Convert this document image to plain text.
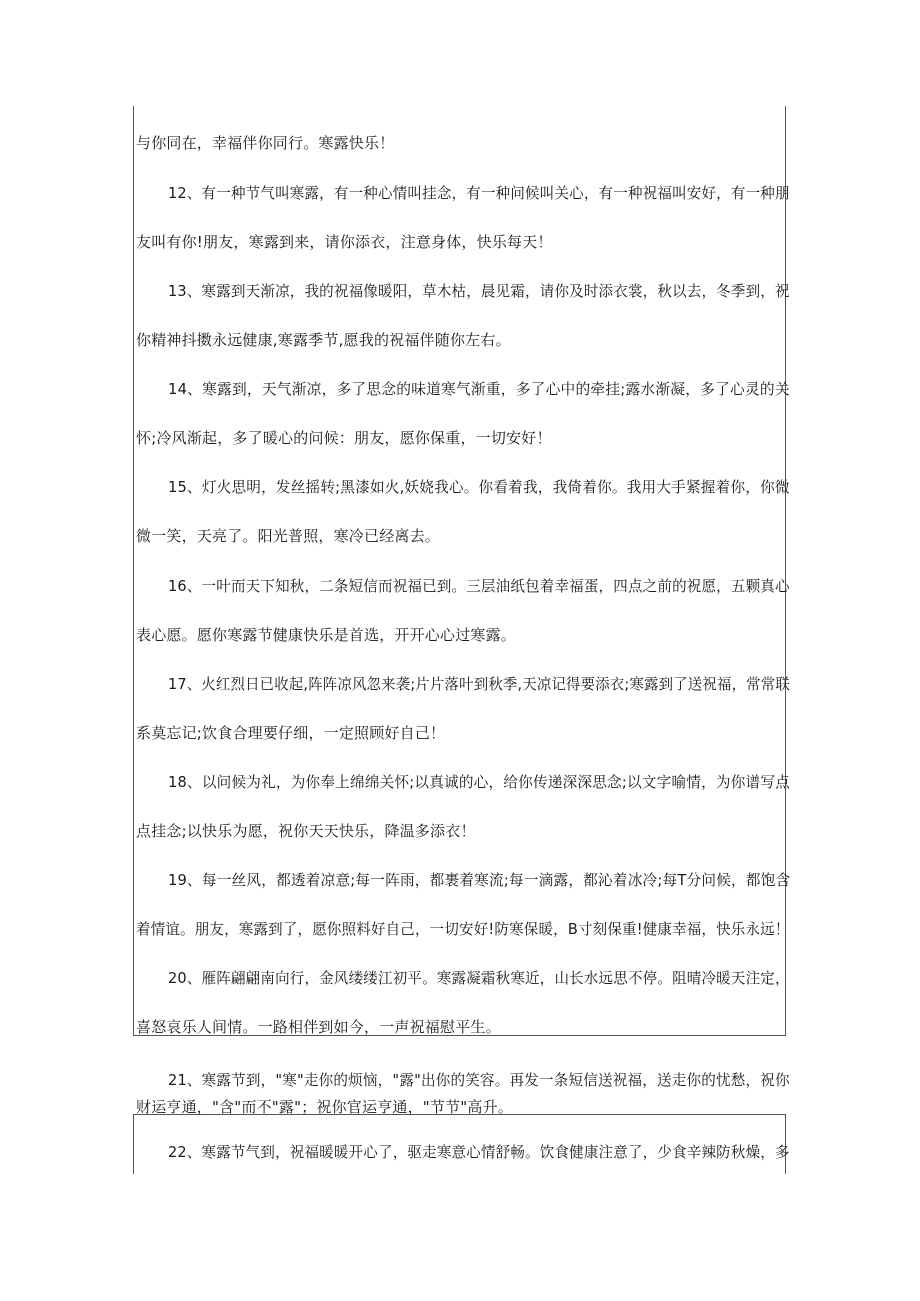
与你同在，幸福伴你同行。寒露快乐！
12、有一种节气叫寒露，有一种心情叫挂念，有一种问候叫关心，有一种祝福叫安好，有一种朋
友叫有你!朋友，寒露到来，请你添衣，注意身体，快乐每天！
13、寒露到天渐凉，我的祝福像暖阳，草木枯，晨见霜，请你及时添衣裳，秋以去，冬季到，祝
你精神抖擞永远健康,寒露季节,愿我的祝福伴随你左右。
14、寒露到，天气渐凉，多了思念的味道寒气渐重，多了心中的牵挂;露水渐凝，多了心灵的关
怀;冷风渐起，多了暖心的问候：朋友，愿你保重，一切安好！
15、灯火思明，发丝摇转;黑漆如火,妖娆我心。你看着我，我倚着你。我用大手紧握着你，你微
微一笑，天亮了。阳光普照，寒冷已经离去。
16、一叶而天下知秋，二条短信而祝福已到。三层油纸包着幸福蛋，四点之前的祝愿，五颗真心
表心愿。愿你寒露节健康快乐是首选，开开心心过寒露。
17、火红烈日已收起,阵阵凉风忽来袭;片片落叶到秋季,天凉记得要添衣;寒露到了送祝福，常常联
系莫忘记;饮食合理要仔细，一定照顾好自己！
18、以问候为礼，为你奉上绵绵关怀;以真诚的心，给你传递深深思念;以文字喻情，为你谱写点
点挂念;以快乐为愿，祝你天天快乐，降温多添衣！
19、每一丝风，都透着凉意;每一阵雨，都裹着寒流;每一滴露，都沁着冰冷;每T分问候，都饱含
着情谊。朋友，寒露到了，愿你照料好自己，一切安好!防寒保暖，B寸刻保重!健康幸福，快乐永远！
20、雁阵翩翩南向行，金风缕缕江初平。寒露凝霜秋寒近，山长水远思不停。阻晴冷暖天注定，
喜怒哀乐人间情。一路相伴到如今，一声祝福慰平生。
21、寒露节到，"寒"走你的烦恼，"露"出你的笑容。再发一条短信送祝福，送走你的忧愁，祝你
财运亨通，"含"而不"露"；祝你官运亨通，"节节"高升。
22、寒露节气到，祝福暖暖开心了，驱走寒意心情舒畅。饮食健康注意了，少食辛辣防秋燥，多
